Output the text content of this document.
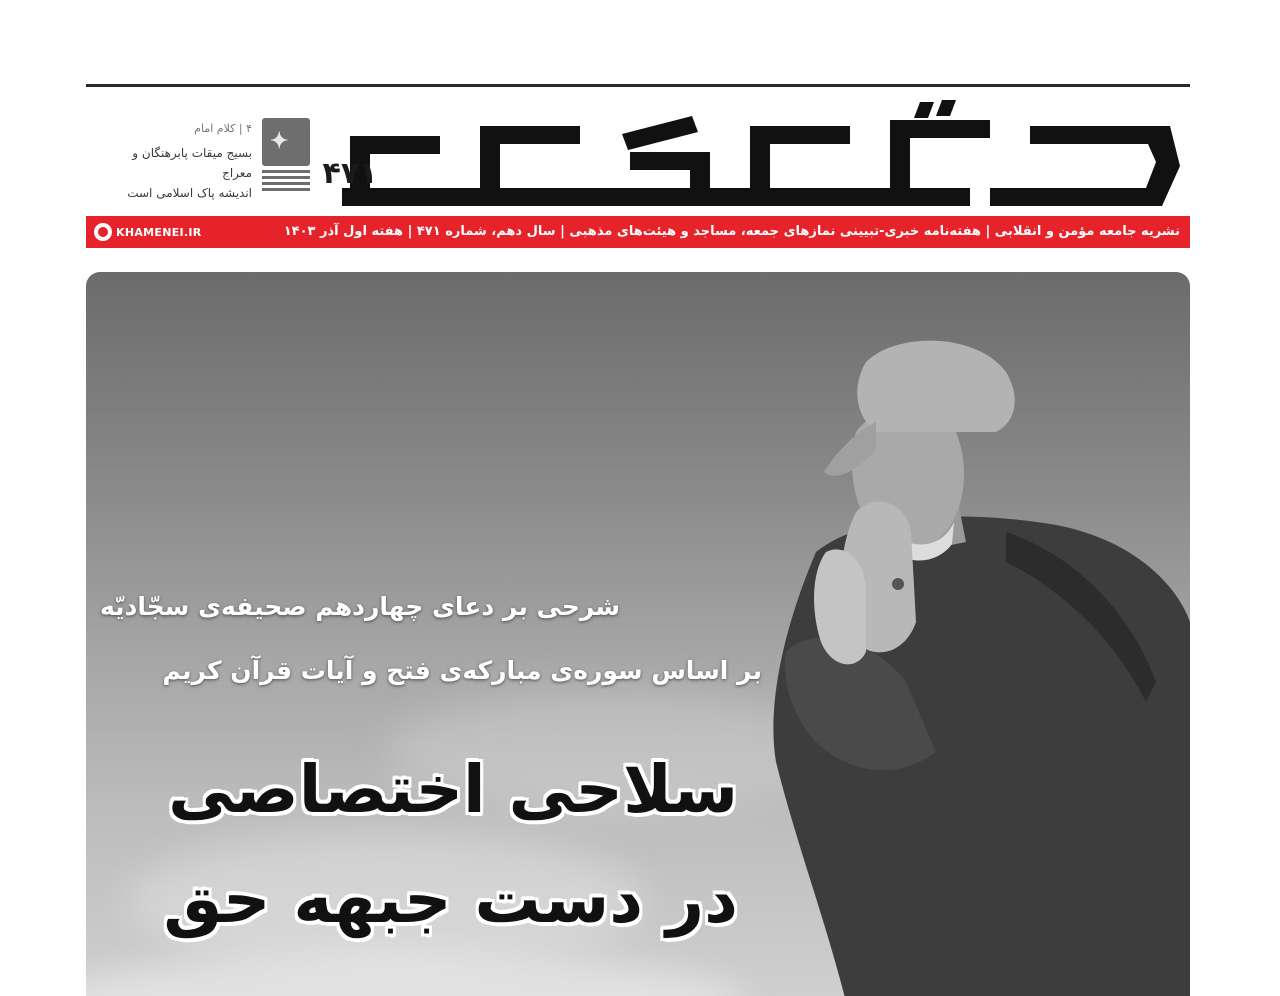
۴۷۱
✦
۴ | کلام امام
بسیج میقات پابرهنگان و معراج
اندیشه پاک اسلامی است
KHAMENEI.IR	نشریه جامعه مؤمن و انقلابی | هفته‌نامه خبری-تبیینی نمازهای جمعه، مساجد و هیئت‌های مذهبی | سال دهم، شماره ۴۷۱ | هفته اول آذر ۱۴۰۳
شرحی بر دعای چهاردهم صحیفه‌ی سجّادیّه
بر اساس سوره‌ی مبارکه‌ی فتح و آیات قرآن کریم
سلاحی اختصاصی
در دست جبهه حق
